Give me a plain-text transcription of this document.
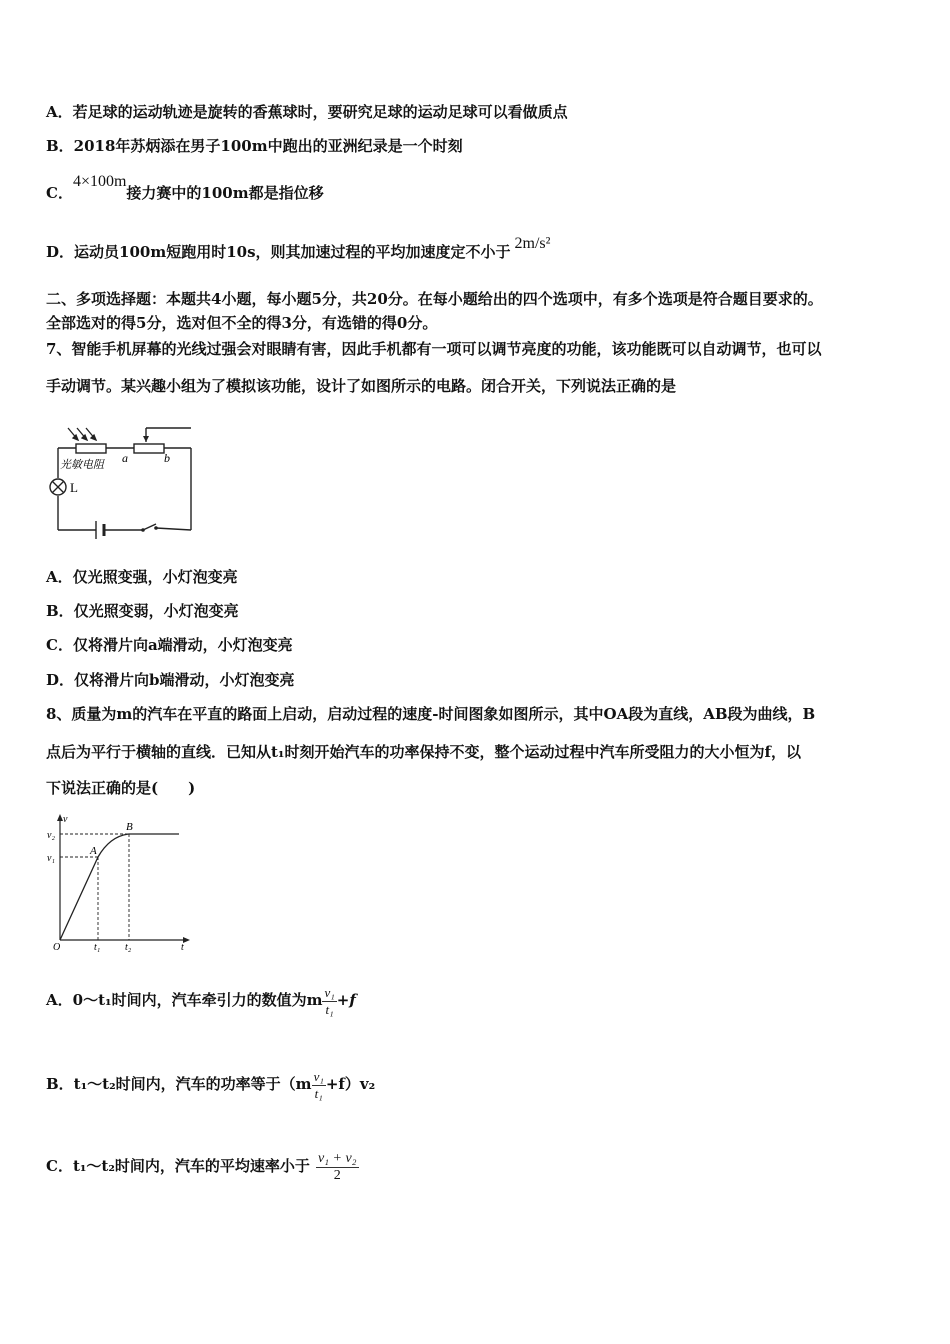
A．若足球的运动轨迹是旋转的香蕉球时，要研究足球的运动足球可以看做质点
B．2018年苏炳添在男子100m中跑出的亚洲纪录是一个时刻
C．4×100m接力赛中的100m都是指位移
D．运动员100m短跑用时10s，则其加速过程的平均加速度定不小于 2m/s²
二、多项选择题：本题共4小题，每小题5分，共20分。在每小题给出的四个选项中，有多个选项是符合题目要求的。
全部选对的得5分，选对但不全的得3分，有选错的得0分。
7、智能手机屏幕的光线过强会对眼睛有害，因此手机都有一项可以调节亮度的功能，该功能既可以自动调节，也可以
手动调节。某兴趣小组为了模拟该功能，设计了如图所示的电路。闭合开关，下列说法正确的是
光敏电阻 a	b
L
A．仅光照变强，小灯泡变亮
B．仅光照变弱，小灯泡变亮
C．仅将滑片向a端滑动，小灯泡变亮
D．仅将滑片向b端滑动，小灯泡变亮
8、质量为m的汽车在平直的路面上启动，启动过程的速度-时间图象如图所示，其中OA段为直线，AB段为曲线，B
点后为平行于横轴的直线．已知从t₁时刻开始汽车的功率保持不变，整个运动过程中汽车所受阻力的大小恒为f，以
下说法正确的是(　　)
v
v₂
v₁
A
B
O	t₁ t₂	t
A．0～t₁时间内，汽车牵引力的数值为m $\frac{\text{v₁}}{\text{t₁}} +f$
B．t₁～t₂时间内，汽车的功率等于$(m \frac{\text{v₁}}{\text{t₁}} +f)v_2$
C．t₁～t₂时间内，汽车的平均速率小于 $\frac{\text{v₁ + v₂}}{2}$
